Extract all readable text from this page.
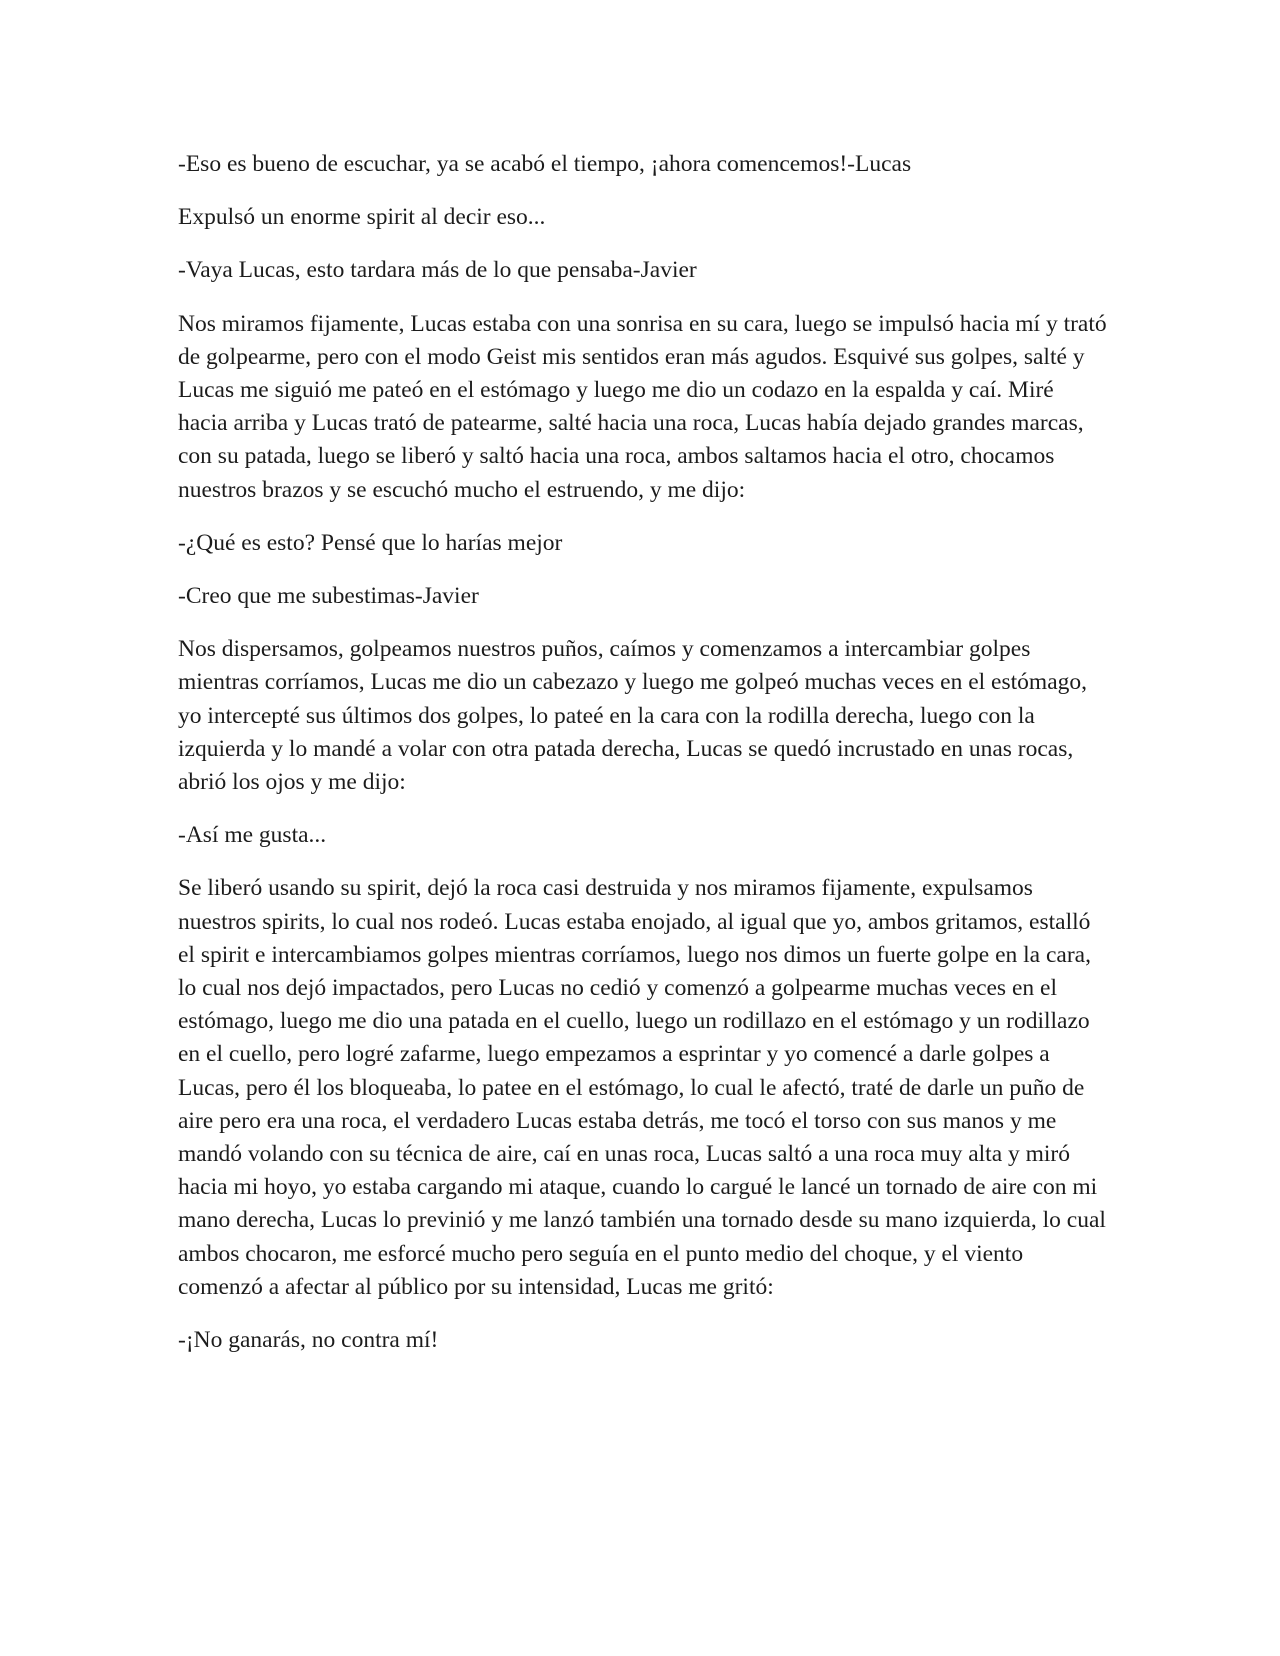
-Eso es bueno de escuchar, ya se acabó el tiempo, ¡ahora comencemos!-Lucas

Expulsó un enorme spirit al decir eso...

-Vaya Lucas, esto tardara más de lo que pensaba-Javier

Nos miramos fijamente, Lucas estaba con una sonrisa en su cara, luego se impulsó hacia mí y trató de golpearme, pero con el modo Geist mis sentidos eran más agudos. Esquivé sus golpes, salté y Lucas me siguió me pateó en el estómago y luego me dio un codazo en la espalda y caí. Miré hacia arriba y Lucas trató de patearme, salté hacia una roca, Lucas había dejado grandes marcas, con su patada, luego se liberó y saltó hacia una roca, ambos saltamos hacia el otro, chocamos nuestros brazos y se escuchó mucho el estruendo, y me dijo:

-¿Qué es esto? Pensé que lo harías mejor

-Creo que me subestimas-Javier

Nos dispersamos, golpeamos nuestros puños, caímos y comenzamos a intercambiar golpes mientras corríamos, Lucas me dio un cabezazo y luego me golpeó muchas veces en el estómago, yo intercepté sus últimos dos golpes, lo pateé en la cara con la rodilla derecha, luego con la izquierda y lo mandé a volar con otra patada derecha, Lucas se quedó incrustado en unas rocas, abrió los ojos y me dijo:

-Así me gusta...

Se liberó usando su spirit, dejó la roca casi destruida y nos miramos fijamente, expulsamos nuestros spirits, lo cual nos rodeó. Lucas estaba enojado, al igual que yo, ambos gritamos, estalló el spirit e intercambiamos golpes mientras corríamos, luego nos dimos un fuerte golpe en la cara, lo cual nos dejó impactados, pero Lucas no cedió y comenzó a golpearme muchas veces en el estómago, luego me dio una patada en el cuello, luego un rodillazo en el estómago y un rodillazo en el cuello, pero logré zafarme, luego empezamos a esprintar y yo comencé a darle golpes a Lucas, pero él los bloqueaba, lo patee en el estómago, lo cual le afectó, traté de darle un puño de aire pero era una roca, el verdadero Lucas estaba detrás, me tocó el torso con sus manos y me mandó volando con su técnica de aire, caí en unas roca, Lucas saltó a una roca muy alta y miró hacia mi hoyo, yo estaba cargando mi ataque, cuando lo cargué le lancé un tornado de aire con mi mano derecha, Lucas lo previnió y me lanzó también una tornado desde su mano izquierda, lo cual ambos chocaron, me esforcé mucho pero seguía en el punto medio del choque, y el viento comenzó a afectar al público por su intensidad, Lucas me gritó:

-¡No ganarás, no contra mí!
